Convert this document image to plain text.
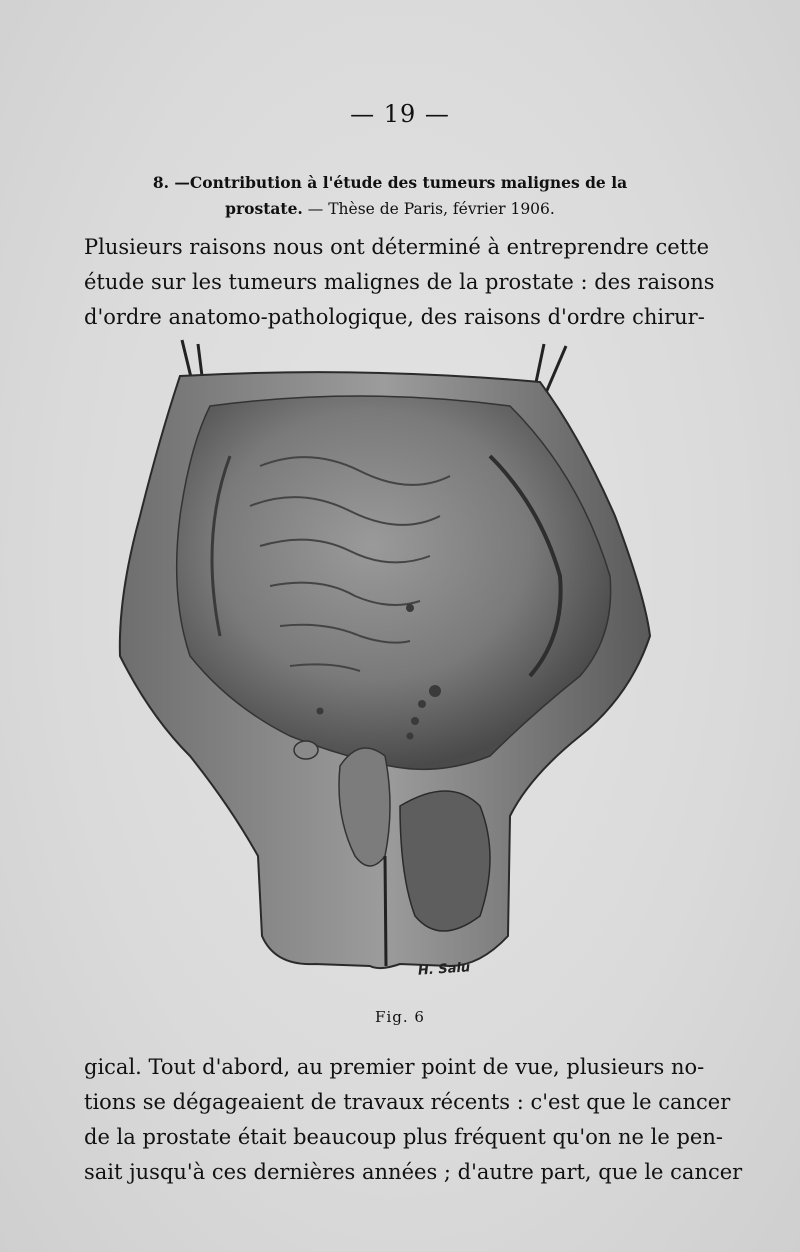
— 19 —
8. —Contribution à l'étude des tumeurs malignes de la
prostate. — Thèse de Paris, février 1906.
Plusieurs raisons nous ont déterminé à entreprendre cette
étude sur les tumeurs malignes de la prostate : des raisons
d'ordre anatomo-pathologique, des raisons d'ordre chirur-
H. Salu
Fig. 6
gical. Tout d'abord, au premier point de vue, plusieurs no-
tions se dégageaient de travaux récents : c'est que le cancer
de la prostate était beaucoup plus fréquent qu'on ne le pen-
sait jusqu'à ces dernières années ; d'autre part, que le cancer
